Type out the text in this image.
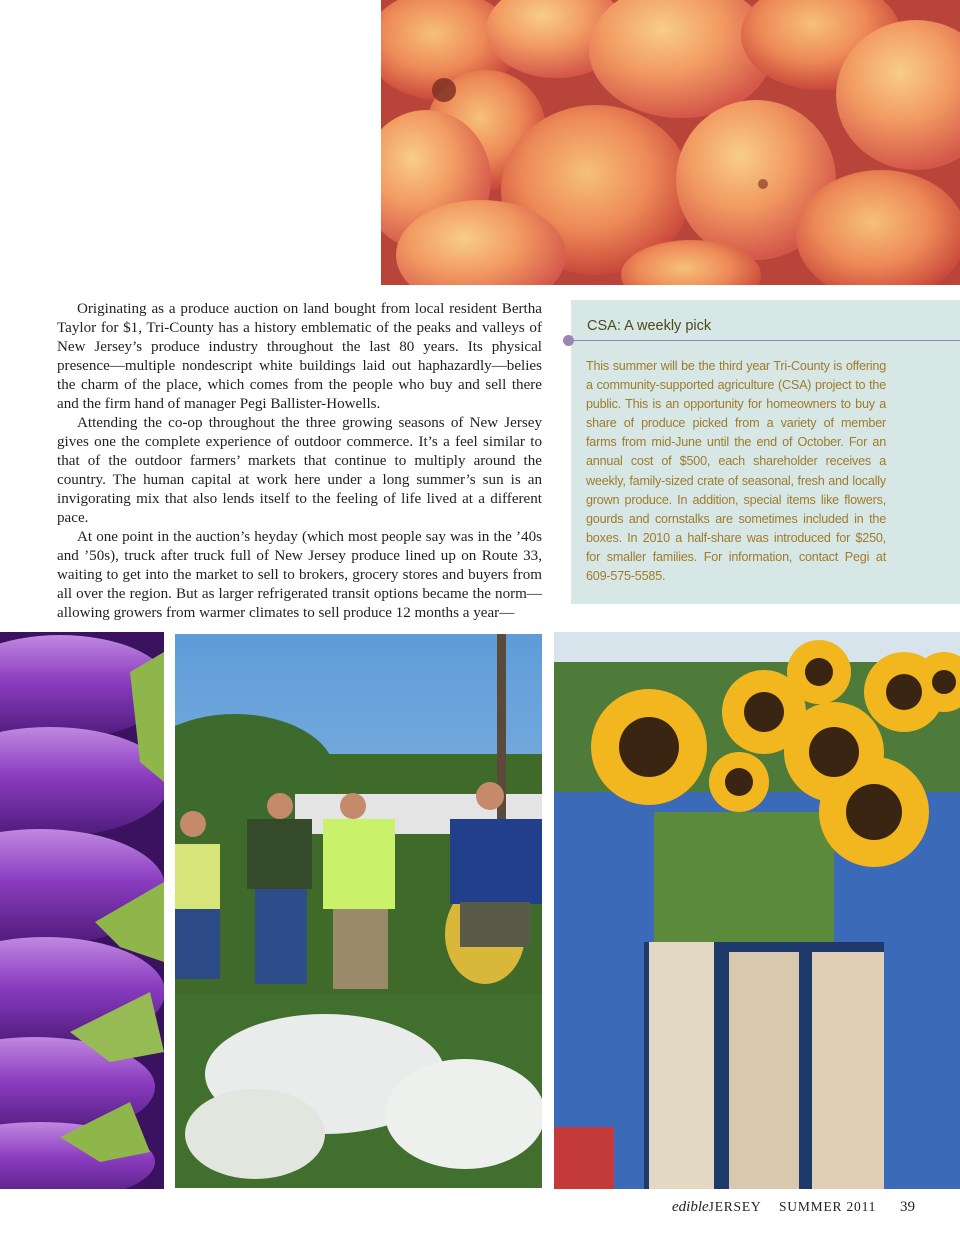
Originating as a produce auction on land bought from local resident Bertha Taylor for $1, Tri-County has a history emblematic of the peaks and valleys of New Jersey’s produce industry throughout the last 80 years. Its physical presence—multiple nondescript white buildings laid out haphazardly—belies the charm of the place, which comes from the people who buy and sell there and the firm hand of manager Pegi Ballister-Howells.

Attending the co-op throughout the three growing seasons of New Jersey gives one the complete experience of outdoor commerce. It’s a feel similar to that of the outdoor farmers’ markets that continue to multiply around the country. The human capital at work here under a long summer’s sun is an invigorating mix that also lends itself to the feeling of life lived at a different pace.

At one point in the auction’s heyday (which most people say was in the ’40s and ’50s), truck after truck full of New Jersey produce lined up on Route 33, waiting to get into the market to sell to brokers, grocery stores and buyers from all over the region. But as larger refrigerated transit options became the norm—allowing growers from warmer climates to sell produce 12 months a year—

CSA: A weekly pick
This summer will be the third year Tri-County is offering a community-supported agriculture (CSA) project to the public. This is an opportunity for homeowners to buy a share of produce picked from a variety of member farms from mid-June until the end of October. For an annual cost of $500, each shareholder receives a weekly, family-sized crate of seasonal, fresh and locally grown produce. In addition, special items like flowers, gourds and cornstalks are sometimes included in the boxes. In 2010 a half-share was introduced for $250, for smaller families. For information, contact Pegi at 609-575-5585.
edibleJERSEY SUMMER 2011 39
